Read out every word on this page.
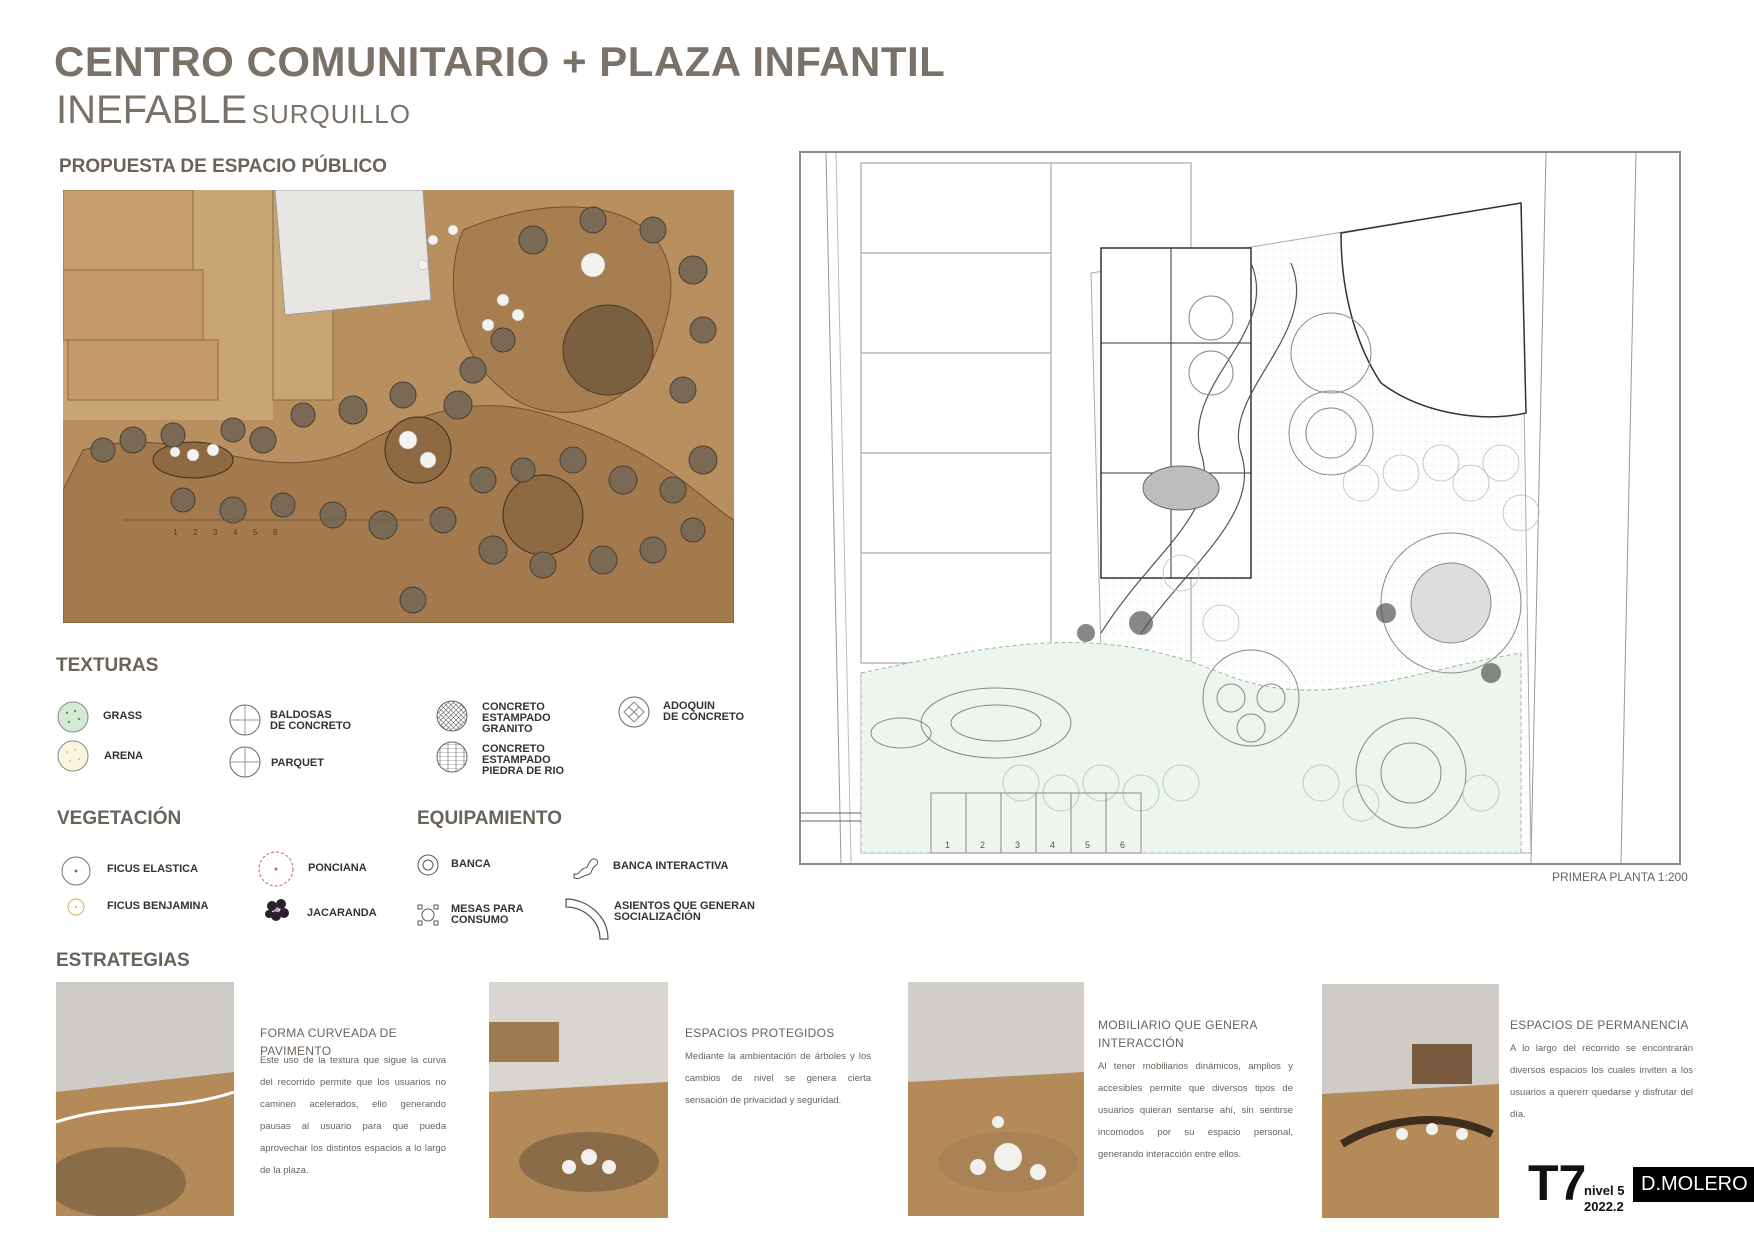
CENTRO COMUNITARIO + PLAZA INFANTIL
INEFABLE SURQUILLO
PROPUESTA DE ESPACIO PÚBLICO
1 2 3 4 5 6
TEXTURAS
GRASS
ARENA
BALDOSAS
DE CONCRETO
PARQUET
CONCRETO
ESTAMPADO
GRANITO
CONCRETO
ESTAMPADO
PIEDRA DE RIO
ADOQUIN
DE CONCRETO
VEGETACIÓN
FICUS ELASTICA
FICUS BENJAMINA
PONCIANA
JACARANDA
EQUIPAMIENTO
BANCA
MESAS PARA
CONSUMO
BANCA INTERACTIVA
ASIENTOS QUE GENERAN
SOCIALIZACIÓN
1	2	3	4	5	6
PRIMERA PLANTA 1:200
ESTRATEGIAS
FORMA CURVEADA DE PAVIMENTO
Este uso de la textura que sigue la curva del recorrido permite que los usuarios no caminen acelerados, ello generando pausas al usuario para que pueda aprovechar los distintos espacios a lo largo de la plaza.
ESPACIOS PROTEGIDOS
Mediante la ambientación de árboles y los cambios de nivel se genera cierta sensación de privacidad y seguridad.
MOBILIARIO QUE GENERA INTERACCIÓN
Al tener mobiliarios dinámicos, amplios y accesibles permite que diversos tipos de usuarios quieran sentarse ahí, sin sentirse incomodos por su espacio personal, generando interacción entre ellos.
ESPACIOS DE PERMANENCIA
A lo largo del recorrido se encontrarán diversos espacios los cuales inviten a los usuarios a quererr quedarse y disfrutar del día.
T7
nivel 5
2022.2
D.MOLERO
